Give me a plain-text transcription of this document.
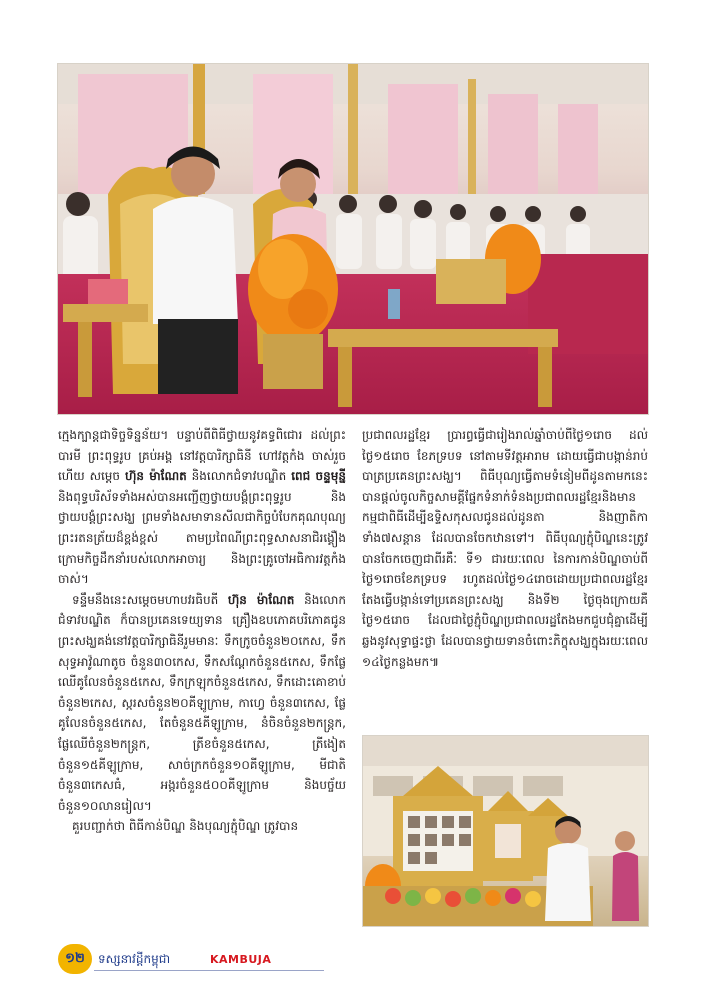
ក្មេងក្បាន្តជាទិច្ចទិន្នន័យ។ បន្ទាប់ពីពិធីថ្វាយនូវគទ្ធពិជោរ ដល់ព្រះបារមី ព្រះពុទ្ធរូប គ្រប់អង្គ នៅវត្តបារិក្សាធិនី ហៅវត្តកំង ចាស់រួចហើយ សម្តេច ហ៊ុន ម៉ាណែត និងលោកជំទាវបណ្ឌិត ពេជ ចន្ទមុន្នី និងពុទ្ធបរិស័ទទាំងអស់បានអញ្ជើញថ្វាយបង្គំព្រះពុទ្ធរូប និងថ្វាយបង្គំព្រះសង្ឃ ព្រមទាំងសមាទានសីលជាកិច្ចបំបែកគុណបុណ្យព្រះរតនត្រ័យដ៏ខ្ពង់ខ្ពស់ តាមប្រពៃណីព្រះពុទ្ធសាសនាជិរង្គឿង ក្រោមកិច្ចដឹកនាំរបស់លោកអាចារ្យ និងព្រះគ្រូចៅអធិការវត្តកំងចាស់។

ទន្ទឹមនឹងនេះសម្តេចមហាបវរធិបតី ហ៊ុន ម៉ាណែត និងលោកជំទាវបណ្ឌិត ក៏បានប្រគេនទេយ្យទាន គ្រឿងឧបភោគបរិភោគជូន ព្រះសង្ឃគង់នៅវត្តបារិក្សាធិនីរួមមានៈ ទឹកក្រូចចំនួន២០កេស, ទឹកសុទ្ធអាវ៉ូណាតូច ចំនួន៣០កេស, ទឹកសណ្តែកចំនួន៥កេស, ទឹកផ្លែឈើគូលែនចំនួន៥កេស, ទឹកក្រឡុកចំនួន៥កេស, ទឹកដោះគោខាប់ចំនួន២កេស, ស្ករសចំនួន២០គីឡូក្រាម, កាហ្វេ ចំនួន៣កេស, ផ្លែគូលែនចំនួន៥កេស, តែចំនួន៥គីឡូក្រាម, នំចិនចំនួន២កន្ត្រក, ផ្លែឈើចំនួន២កន្ត្រក, ត្រីខចំនួន៥កេស, ត្រីងៀតចំនួន១៥គីឡូក្រាម, សាច់ក្រកចំនួន១០គីឡូក្រាម, មីជាតិចំនួន៣កេសធំ, អង្ករចំនួន៥០០គីឡូក្រាម និងបច្ច័យចំនួន១០លានរៀល។

គួរបញ្ជាក់ថា ពិធីកាន់បិណ្ឌ និងបុណ្យភ្ជុំបិណ្ឌ ត្រូវបាន

ប្រជាពលរដ្ឋខ្មែរ ប្រារព្ធធ្វើជារៀងរាល់ឆ្នាំចាប់ពីថ្ងៃ១រោច ដល់ថ្ងៃ១៥រោច ខែភទ្របទ នៅតាមទីវត្តអារាម ដោយធ្វើជាបង្កាន់រាប់បាត្រប្រគេនព្រះសង្ឃ។ ពិធីបុណ្យធ្វើតាមទំនៀមពីដូនតាមកនេះបានផ្តល់ចូលកិច្ចសាមគ្គីផ្នែកទំនាក់ទំនងប្រជាពលរដ្ឋខ្មែរនិងមានកម្មជាពិធីដើម្បីឧទ្ទិសកុសលជូនដល់ដូនតា និងញាតិកាទាំង៧សន្តាន ដែលបានចែកឋានទៅ។ ពិធីបុណ្យភ្ជុំបិណ្ឌនេះត្រូវបានចែកចេញជាពីរគឺៈ ទី១ ជារយៈពេល នៃការកាន់បិណ្ឌចាប់ពីថ្ងៃ១រោចខែភទ្របទ រហូតដល់ថ្ងៃ១៤រោចដោយប្រជាពលរដ្ឋខ្មែរតែងធ្វើបង្កាន់ទៅប្រគេនព្រះសង្ឃ និងទី២ ថ្ងៃចុងក្រោយគឺ ថ្ងៃ១៥រោច ដែលជាថ្ងៃភ្ជុំបិណ្ឌប្រជាពលរដ្ឋតែងមកជួបជុំគ្នាដើម្បីឆ្លងនូវសុទ្ធាផ្ទះថ្លា ដែលបានថ្វាយទានចំពោះភិក្ខុសង្ឃក្នុងរយៈពេល ១៤ថ្ងៃកន្លងមក៕

១២ ទស្សនាវដ្តីកម្ពុជា	KAMBUJA
